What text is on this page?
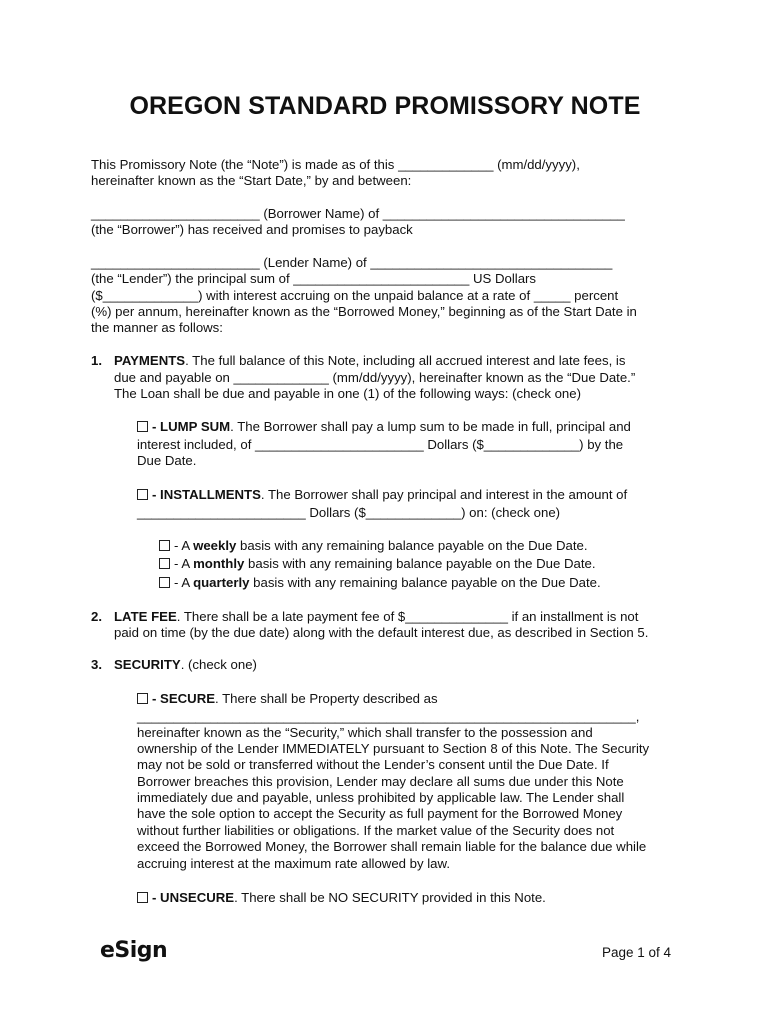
OREGON STANDARD PROMISSORY NOTE
This Promissory Note (the “Note”) is made as of this _____________ (mm/dd/yyyy),
hereinafter known as the “Start Date,” by and between:
_______________________ (Borrower Name) of _________________________________
(the “Borrower”) has received and promises to payback
_______________________ (Lender Name) of _________________________________
(the “Lender”) the principal sum of ________________________ US Dollars
($_____________) with interest accruing on the unpaid balance at a rate of _____ percent
(%) per annum, hereinafter known as the “Borrowed Money,” beginning as of the Start Date in
the manner as follows:
1. PAYMENTS. The full balance of this Note, including all accrued interest and late fees, is
due and payable on _____________ (mm/dd/yyyy), hereinafter known as the “Due Date.”
The Loan shall be due and payable in one (1) of the following ways: (check one)
- LUMP SUM. The Borrower shall pay a lump sum to be made in full, principal and
interest included, of _______________________ Dollars ($_____________) by the
Due Date.
- INSTALLMENTS. The Borrower shall pay principal and interest in the amount of
_______________________ Dollars ($_____________) on: (check one)
- A weekly basis with any remaining balance payable on the Due Date.
- A monthly basis with any remaining balance payable on the Due Date.
- A quarterly basis with any remaining balance payable on the Due Date.
2. LATE FEE. There shall be a late payment fee of $______________ if an installment is not
paid on time (by the due date) along with the default interest due, as described in Section 5.
3. SECURITY. (check one)
- SECURE. There shall be Property described as
____________________________________________________________________,
hereinafter known as the “Security,” which shall transfer to the possession and
ownership of the Lender IMMEDIATELY pursuant to Section 8 of this Note. The Security
may not be sold or transferred without the Lender’s consent until the Due Date. If
Borrower breaches this provision, Lender may declare all sums due under this Note
immediately due and payable, unless prohibited by applicable law. The Lender shall
have the sole option to accept the Security as full payment for the Borrowed Money
without further liabilities or obligations. If the market value of the Security does not
exceed the Borrowed Money, the Borrower shall remain liable for the balance due while
accruing interest at the maximum rate allowed by law.
- UNSECURE. There shall be NO SECURITY provided in this Note.
eSign	Page 1 of 4
